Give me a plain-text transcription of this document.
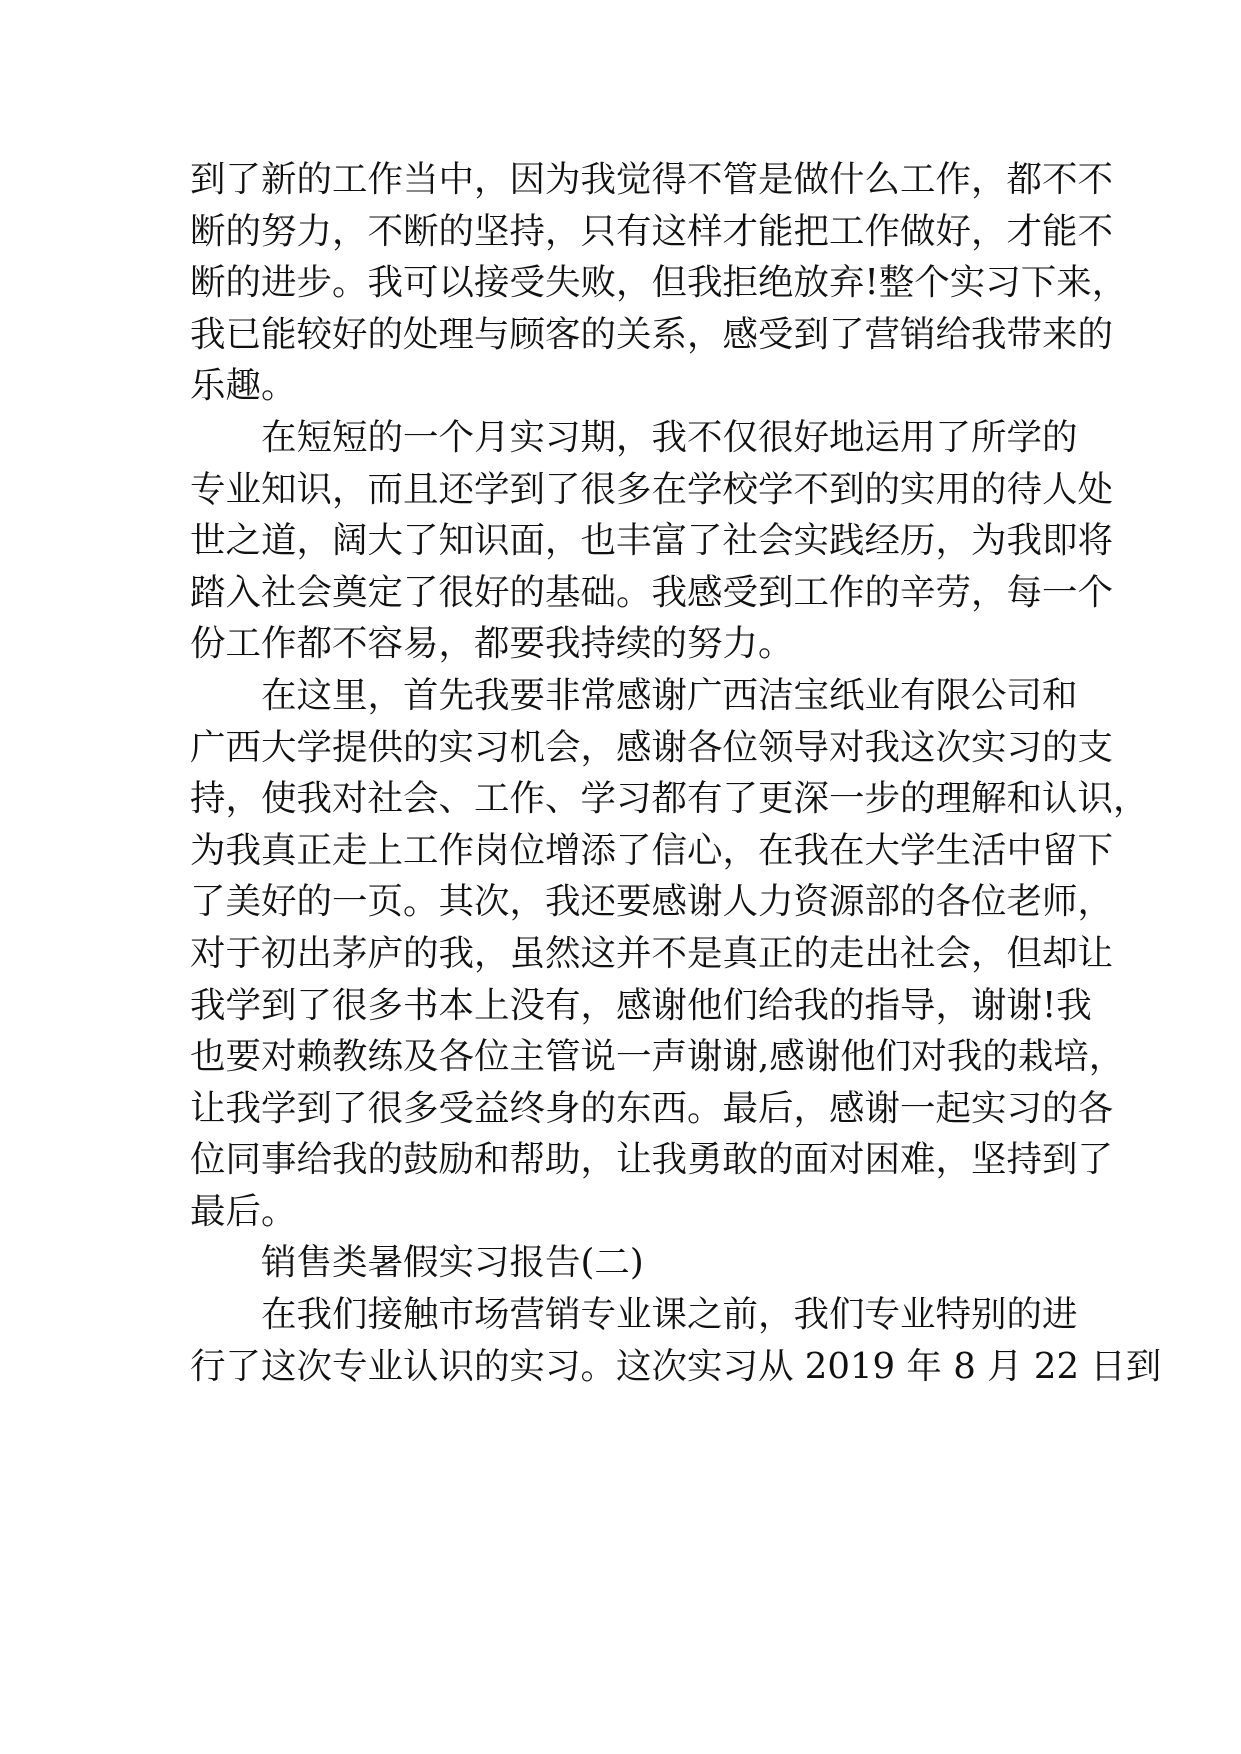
到了新的工作当中，因为我觉得不管是做什么工作，都不不
断的努力，不断的坚持，只有这样才能把工作做好，才能不
断的进步。我可以接受失败，但我拒绝放弃!整个实习下来，
我已能较好的处理与顾客的关系，感受到了营销给我带来的
乐趣。

在短短的一个月实习期，我不仅很好地运用了所学的
专业知识，而且还学到了很多在学校学不到的实用的待人处
世之道，阔大了知识面，也丰富了社会实践经历，为我即将
踏入社会奠定了很好的基础。我感受到工作的辛劳，每一个
份工作都不容易，都要我持续的努力。

在这里，首先我要非常感谢广西洁宝纸业有限公司和
广西大学提供的实习机会，感谢各位领导对我这次实习的支
持，使我对社会、工作、学习都有了更深一步的理解和认识，
为我真正走上工作岗位增添了信心，在我在大学生活中留下
了美好的一页。其次，我还要感谢人力资源部的各位老师，
对于初出茅庐的我，虽然这并不是真正的走出社会，但却让
我学到了很多书本上没有，感谢他们给我的指导，谢谢!我
也要对赖教练及各位主管说一声谢谢,感谢他们对我的栽培，
让我学到了很多受益终身的东西。最后，感谢一起实习的各
位同事给我的鼓励和帮助，让我勇敢的面对困难，坚持到了
最后。

销售类暑假实习报告(二)

在我们接触市场营销专业课之前，我们专业特别的进
行了这次专业认识的实习。这次实习从 2019 年 8 月 22 日到
